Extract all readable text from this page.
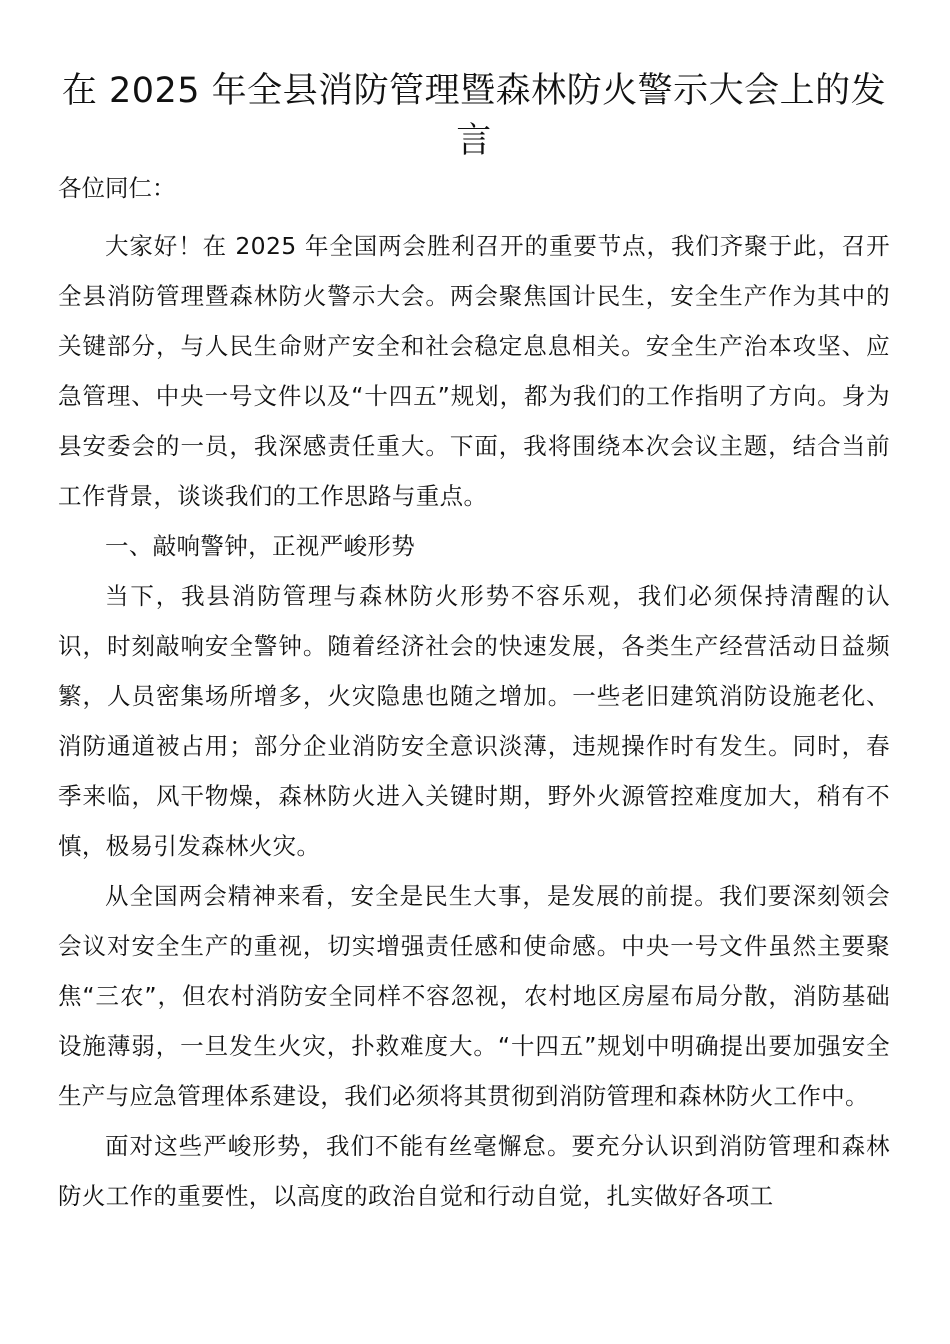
在 2025 年全县消防管理暨森林防火警示大会上的发言

各位同仁：

大家好！在 2025 年全国两会胜利召开的重要节点，我们齐聚于此，召开全县消防管理暨森林防火警示大会。两会聚焦国计民生，安全生产作为其中的关键部分，与人民生命财产安全和社会稳定息息相关。安全生产治本攻坚、应急管理、中央一号文件以及“十四五”规划，都为我们的工作指明了方向。身为县安委会的一员，我深感责任重大。下面，我将围绕本次会议主题，结合当前工作背景，谈谈我们的工作思路与重点。

一、敲响警钟，正视严峻形势

当下，我县消防管理与森林防火形势不容乐观，我们必须保持清醒的认识，时刻敲响安全警钟。随着经济社会的快速发展，各类生产经营活动日益频繁，人员密集场所增多，火灾隐患也随之增加。一些老旧建筑消防设施老化、消防通道被占用；部分企业消防安全意识淡薄，违规操作时有发生。同时，春季来临，风干物燥，森林防火进入关键时期，野外火源管控难度加大，稍有不慎，极易引发森林火灾。

从全国两会精神来看，安全是民生大事，是发展的前提。我们要深刻领会会议对安全生产的重视，切实增强责任感和使命感。中央一号文件虽然主要聚焦“三农”，但农村消防安全同样不容忽视，农村地区房屋布局分散，消防基础设施薄弱，一旦发生火灾，扑救难度大。“十四五”规划中明确提出要加强安全生产与应急管理体系建设，我们必须将其贯彻到消防管理和森林防火工作中。

面对这些严峻形势，我们不能有丝毫懈怠。要充分认识到消防管理和森林防火工作的重要性，以高度的政治自觉和行动自觉，扎实做好各项工
